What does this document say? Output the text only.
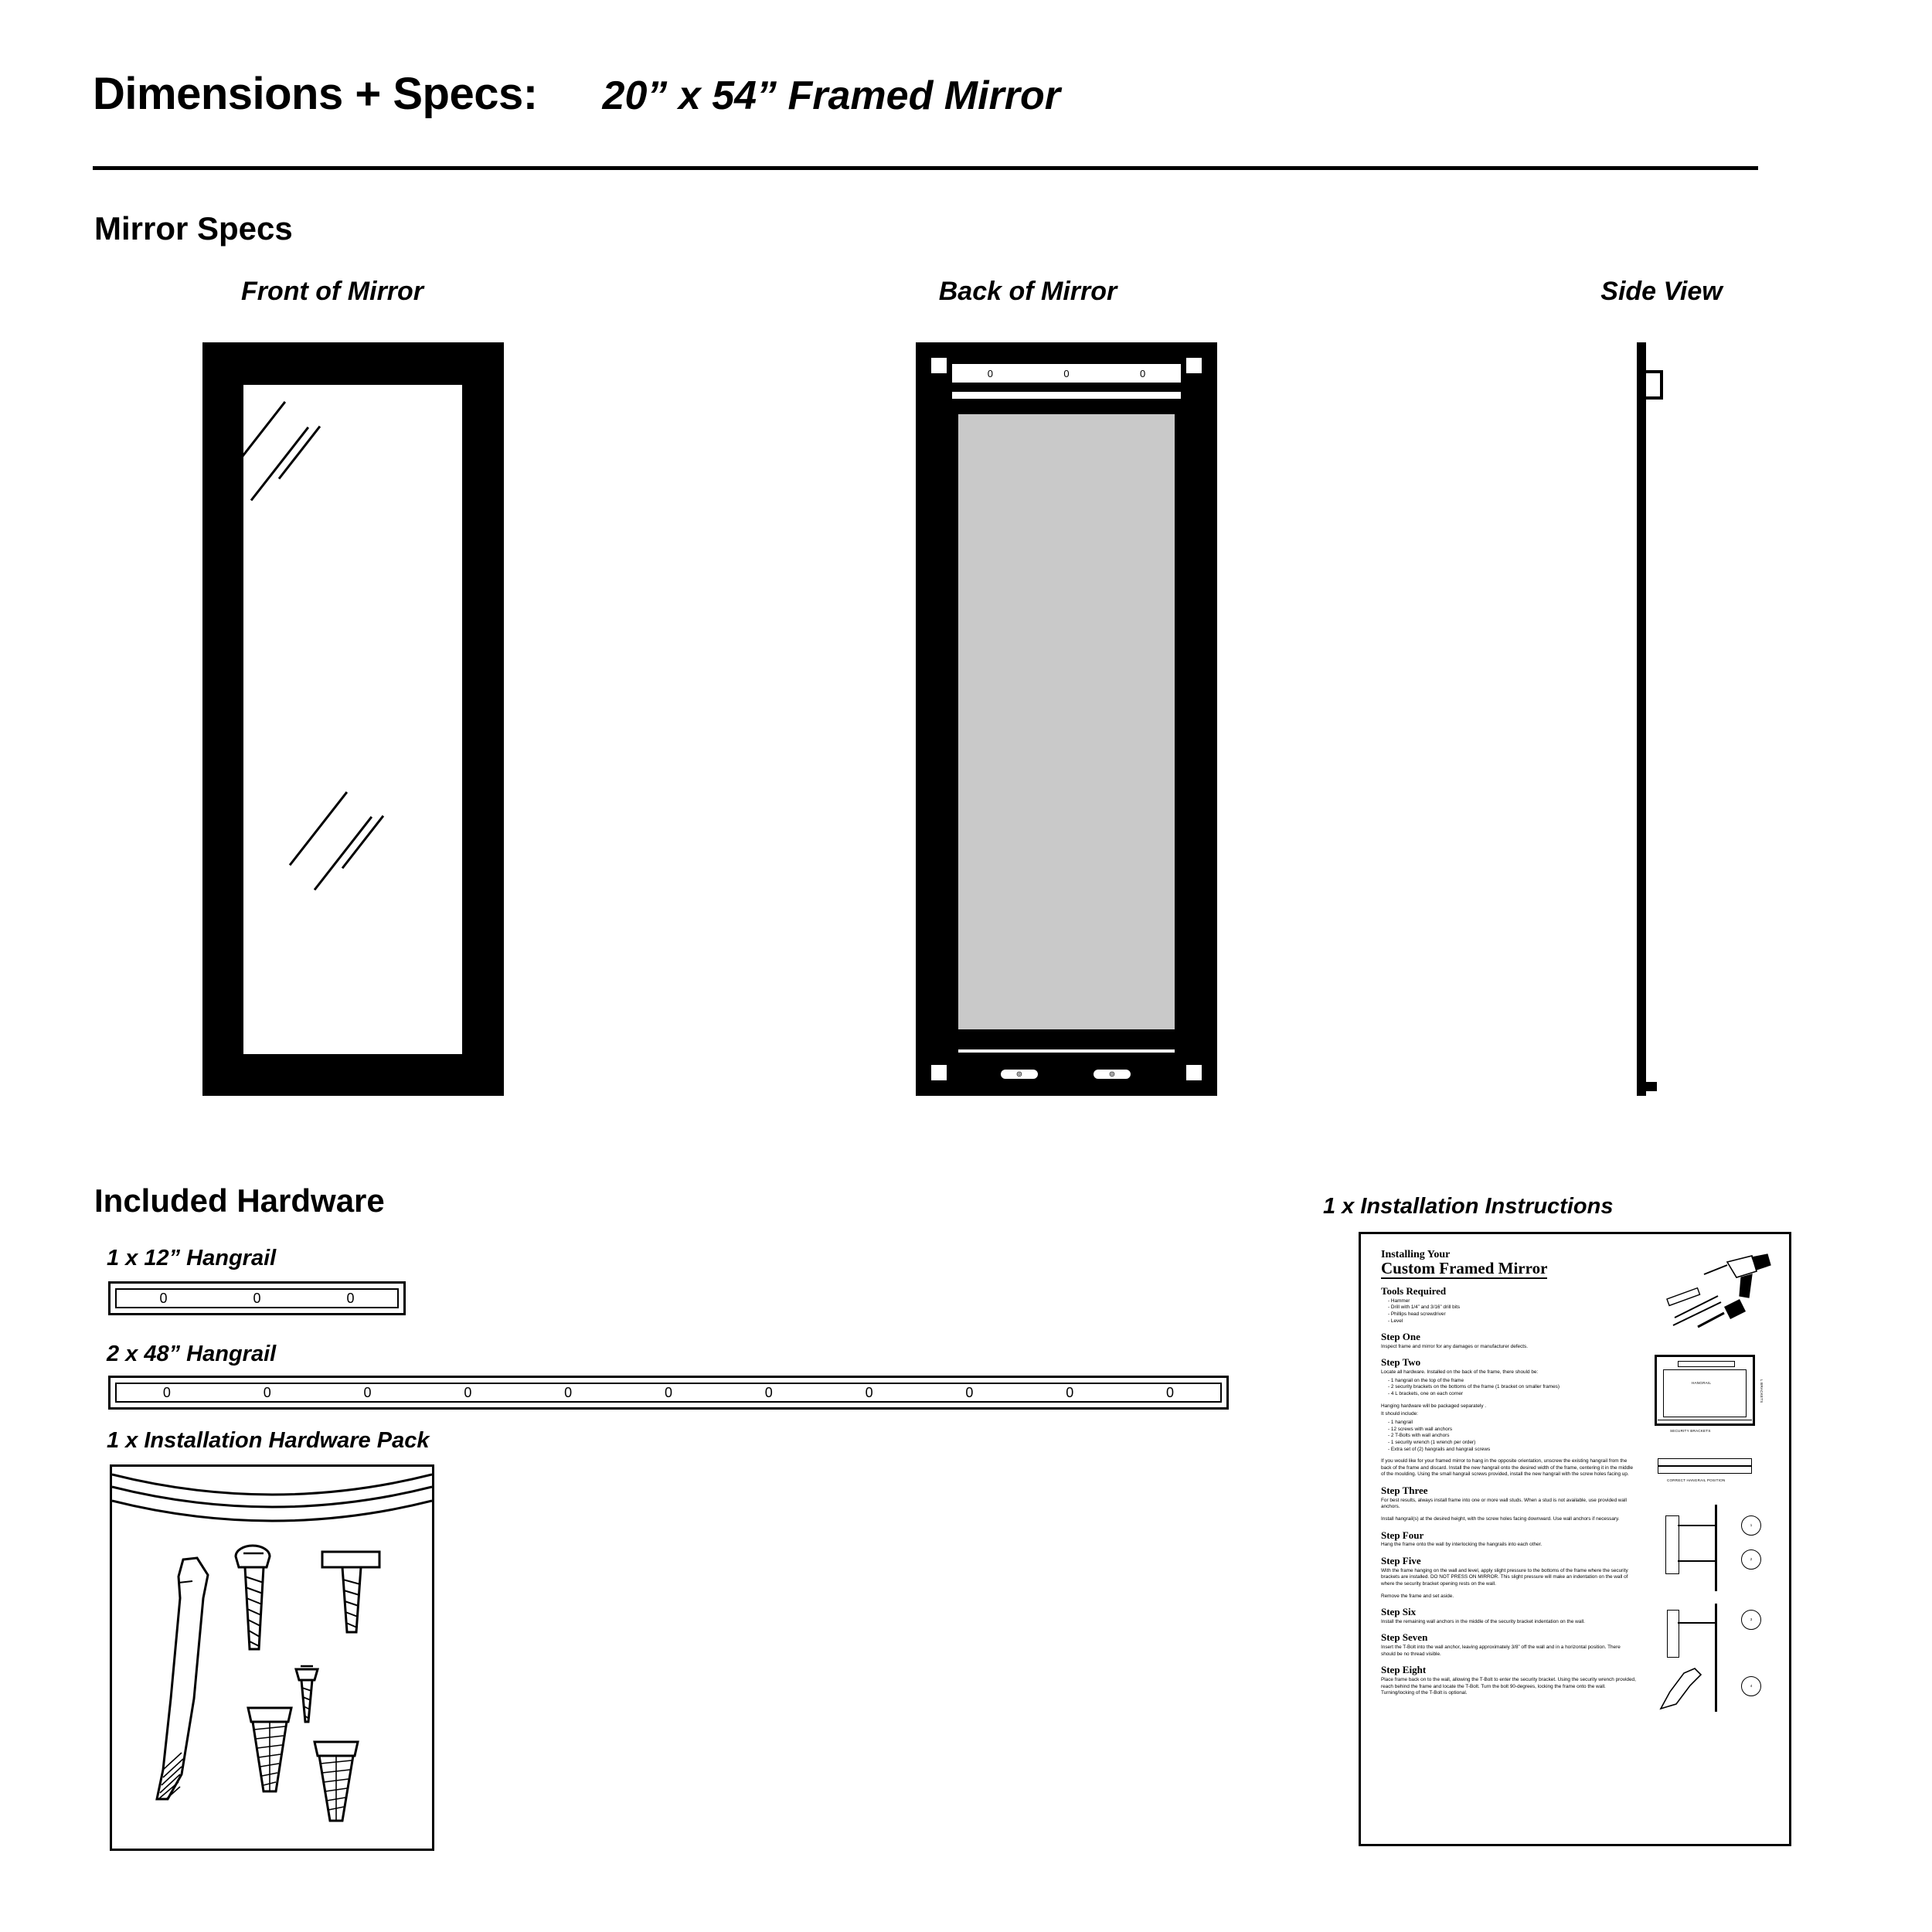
Dimensions + Specs: 20” x 54” Framed Mirror
Mirror Specs
Front of Mirror	Back of Mirror	Side View
0	0	0
⊚	⊚
Included Hardware
1 x 12” Hangrail
0	0	0
2 x 48” Hangrail
0	0	0	0	0	0	0	0	0	0	0
1 x Installation Hardware Pack
1 x Installation Instructions
Installing Your
Custom Framed Mirror
Tools Required
- Hammer
- Drill with 1/4” and 3/16” drill bits
- Phillips head screwdriver
- Level
Step One
Inspect frame and mirror for any damages or manufacturer defects.
Step Two
Locate all hardware. Installed on the back of the frame, there should be:
- 1 hangrail on the top of the frame
- 2 security brackets on the bottoms of the frame (1 bracket on smaller frames)
- 4 L brackets, one on each corner
Hanging hardware will be packaged separately .
It should include:
- 1 hangrail
- 12 screws with wall anchors
- 2 T-Bolts with wall anchors
- 1 security wrench (1 wrench per order)
- Extra set of (2) hangrails and hangrail screws
If you would like for your framed mirror to hang in the opposite orientation, unscrew the existing hangrail from the back of the frame and discard. Install the new hangrail onto the desired width of the frame, centering it in the middle of the moulding. Using the small hangrail screws provided, install the new hangrail with the screw holes facing up.
Step Three
For best results, always install frame into one or more wall studs. When a stud is not available, use provided wall anchors.
Install hangrail(s) at the desired height, with the screw holes facing downward. Use wall anchors if necessary.
Step Four
Hang the frame onto the wall by interlocking the hangrails into each other.
Step Five
With the frame hanging on the wall and level, apply slight pressure to the bottoms of the frame where the security brackets are installed. DO NOT PRESS ON MIRROR. This slight pressure will make an indentation on the wall of where the security bracket opening rests on the wall.
Remove the frame and set aside.
Step Six
Install the remaining wall anchors in the middle of the security bracket indentation on the wall.
Step Seven
Insert the T-Bolt into the wall anchor, leaving approximately 3/8” off the wall and in a horizontal position. There should be no thread visible.
Step Eight
Place frame back on to the wall, allowing the T-Bolt to enter the security bracket. Using the security wrench provided, reach behind the frame and locate the T-Bolt. Turn the bolt 90-degrees, locking the frame onto the wall. Turning/locking of the T-Bolt is optional.
HANGRAIL	L BRACKETS
SECURITY BRACKETS
CORRECT HANGRAIL POSITION
1
2
3
4
